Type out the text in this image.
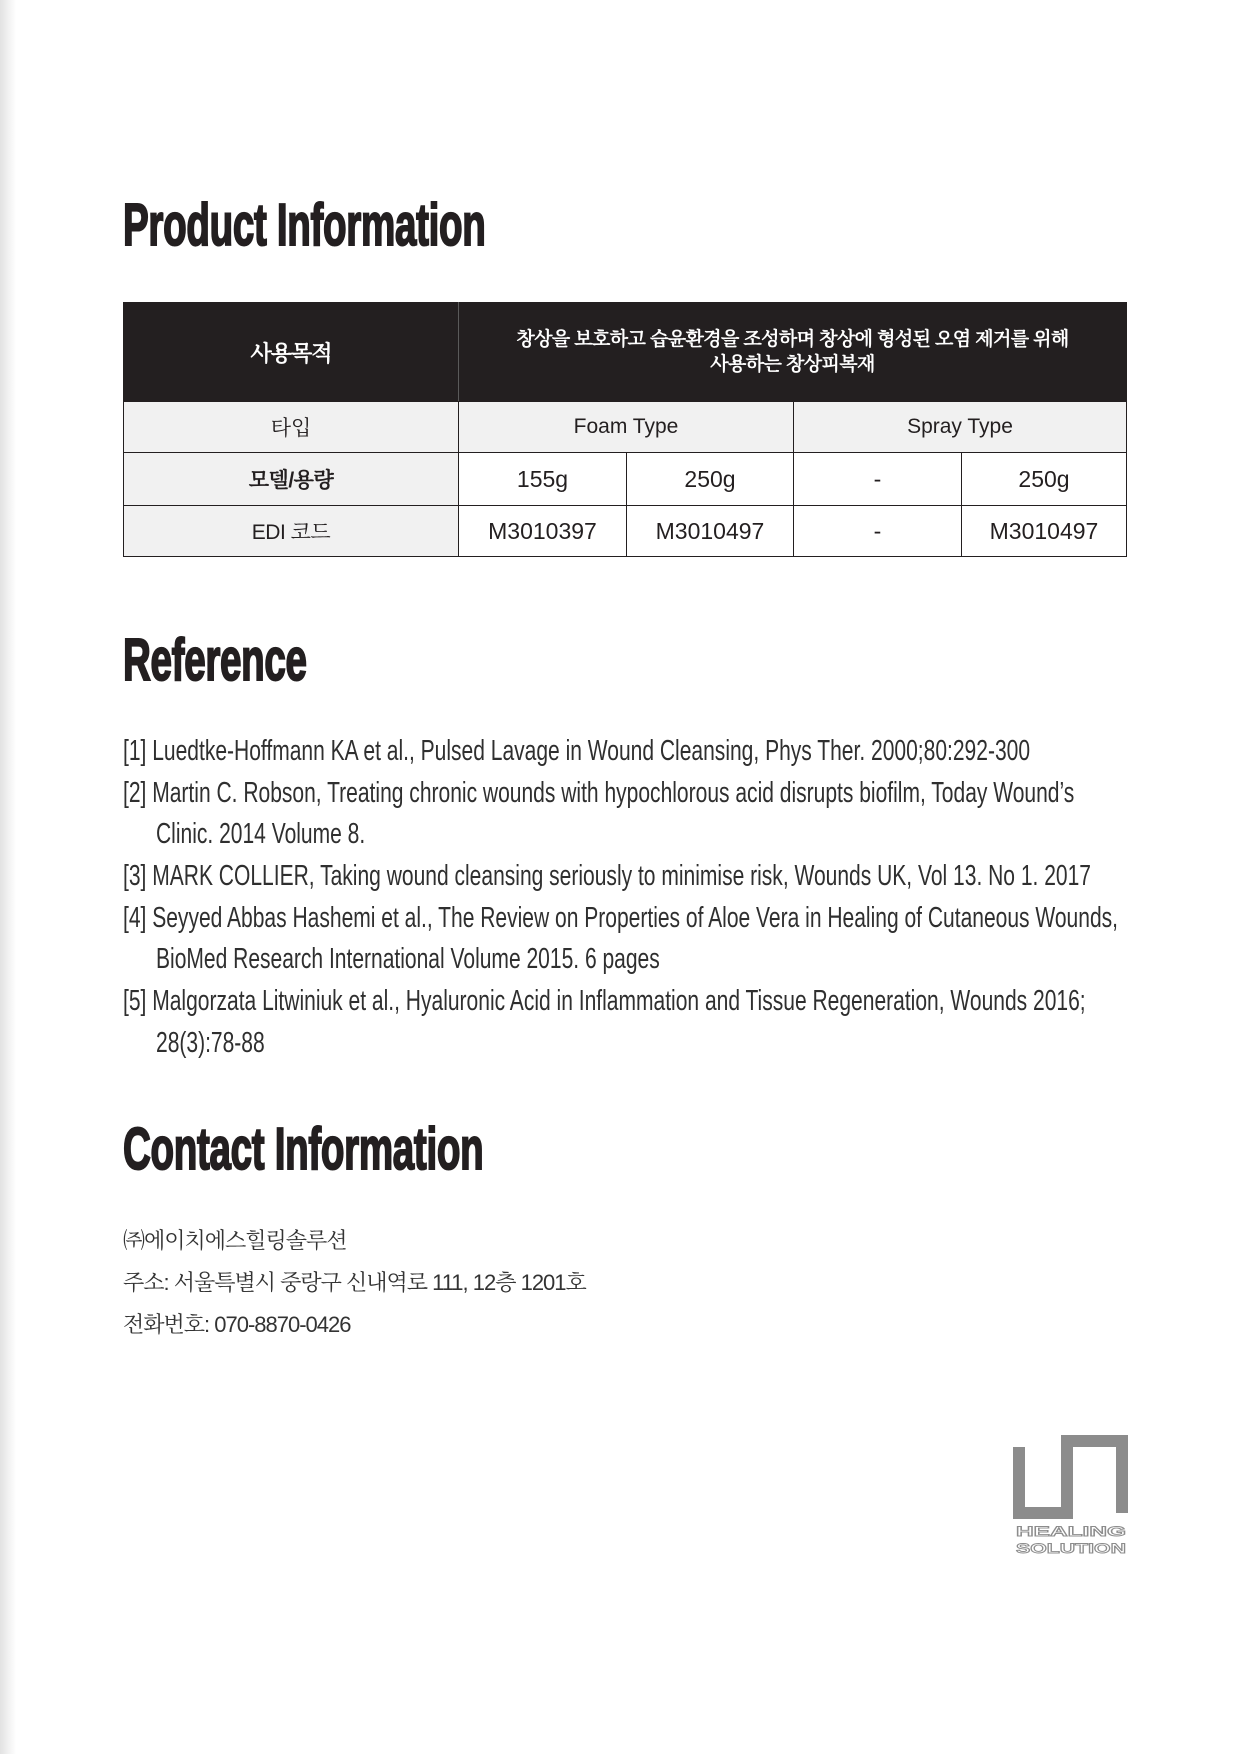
Product Information
사용목적	창상을 보호하고 습윤환경을 조성하며 창상에 형성된 오염 제거를 위해
사용하는 창상피복재			

타입	Foam Type		Spray Type	
모델/용량	155g	250g	-	250g
EDI 코드	M3010397	M3010497	-	M3010497
Reference
[1] Luedtke-Hoffmann KA et al., Pulsed Lavage in Wound Cleansing, Phys Ther. 2000;80:292-300
[2] Martin C. Robson, Treating chronic wounds with hypochlorous acid disrupts biofilm, Today Wound’s
Clinic. 2014 Volume 8.
[3] MARK COLLIER, Taking wound cleansing seriously to minimise risk, Wounds UK, Vol 13. No 1. 2017
[4] Seyyed Abbas Hashemi et al., The Review on Properties of Aloe Vera in Healing of Cutaneous Wounds,
BioMed Research International Volume 2015. 6 pages
[5] Malgorzata Litwiniuk et al., Hyaluronic Acid in Inflammation and Tissue Regeneration, Wounds 2016;
28(3):78-88
Contact Information
㈜에이치에스힐링솔루션
주소: 서울특별시 중랑구 신내역로 111, 12층 1201호
전화번호: 070-8870-0426
HEALING
SOLUTION
